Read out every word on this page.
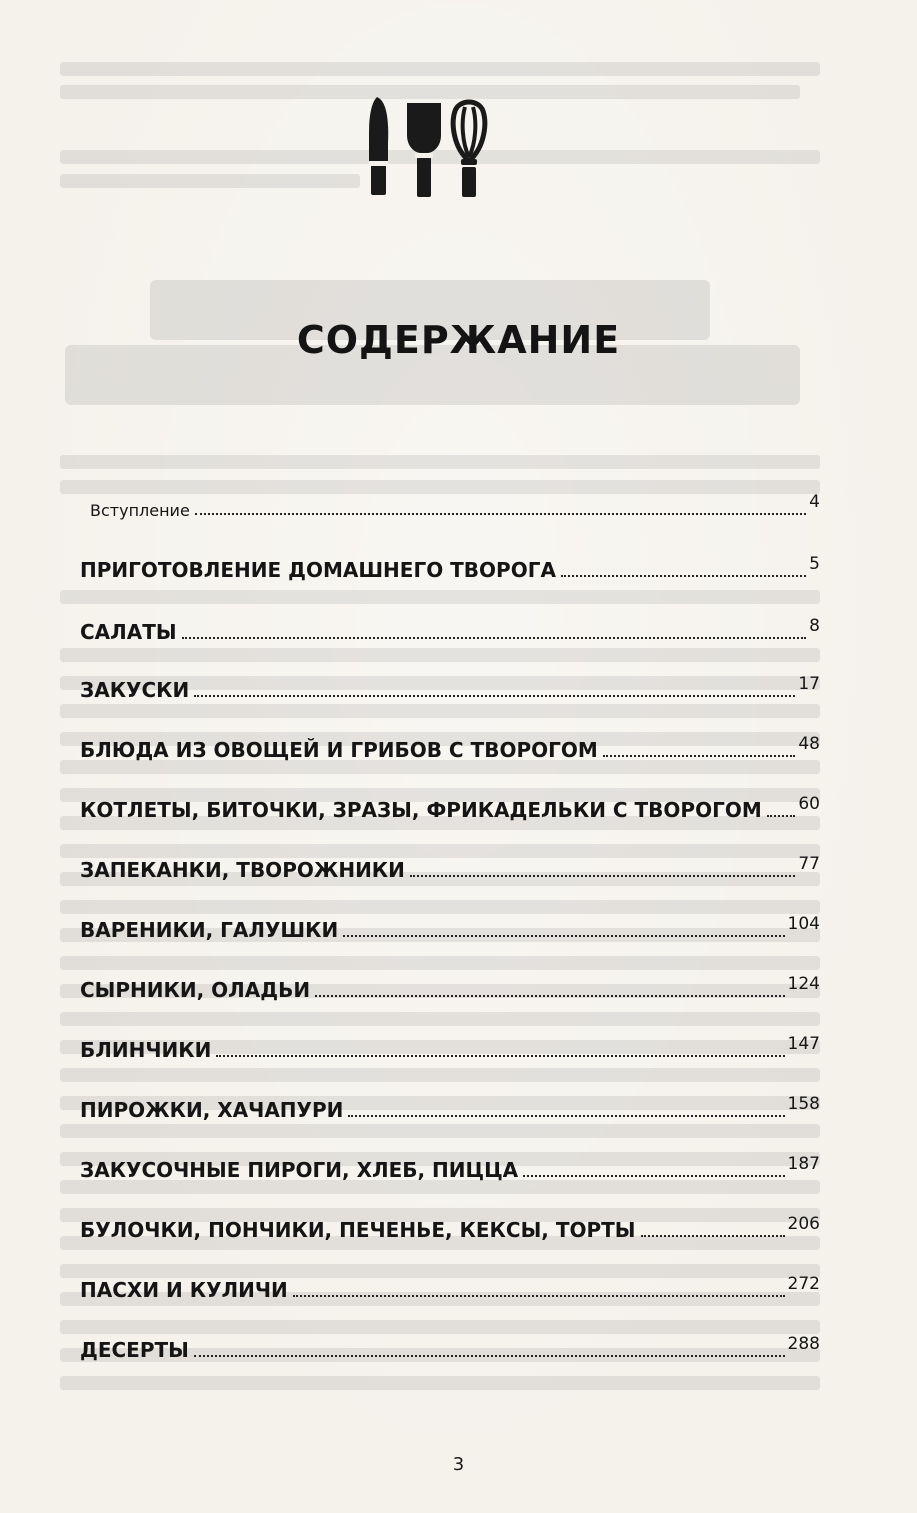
СОДЕРЖАНИЕ
Вступление	4
ПРИГОТОВЛЕНИЕ ДОМАШНЕГО ТВОРОГА	5
САЛАТЫ	8
ЗАКУСКИ	17
БЛЮДА ИЗ ОВОЩЕЙ И ГРИБОВ С ТВОРОГОМ	48
КОТЛЕТЫ, БИТОЧКИ, ЗРАЗЫ, ФРИКАДЕЛЬКИ С ТВОРОГОМ 60
ЗАПЕКАНКИ, ТВОРОЖНИКИ	77
ВАРЕНИКИ, ГАЛУШКИ	104
СЫРНИКИ, ОЛАДЬИ	124
БЛИНЧИКИ	147
ПИРОЖКИ, ХАЧАПУРИ	158
ЗАКУСОЧНЫЕ ПИРОГИ, ХЛЕБ, ПИЦЦА	187
БУЛОЧКИ, ПОНЧИКИ, ПЕЧЕНЬЕ, КЕКСЫ, ТОРТЫ	206
ПАСХИ И КУЛИЧИ	272
ДЕСЕРТЫ	288
3
